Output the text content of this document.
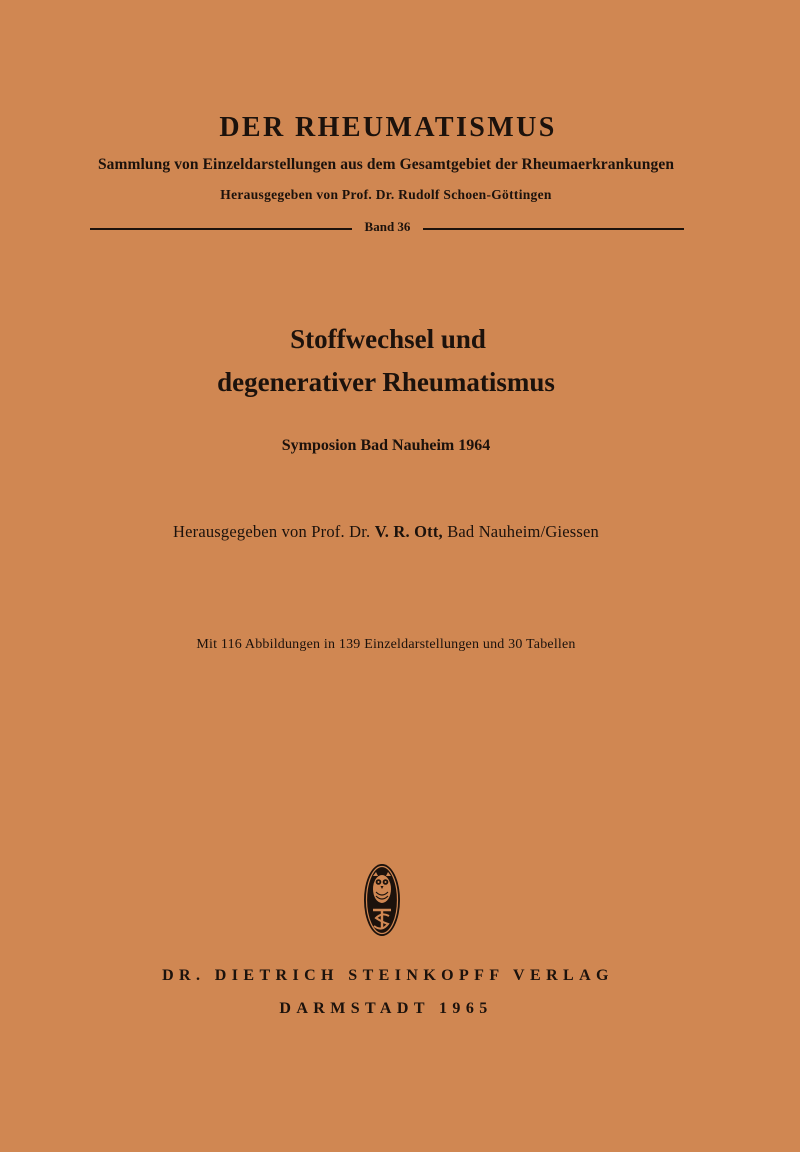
DER RHEUMATISMUS
Sammlung von Einzeldarstellungen aus dem Gesamtgebiet der Rheumaerkrankungen
Herausgegeben von Prof. Dr. Rudolf Schoen-Göttingen
Band 36
Stoffwechsel und
degenerativer Rheumatismus
Symposion Bad Nauheim 1964
Herausgegeben von Prof. Dr. V. R. Ott, Bad Nauheim/Giessen
Mit 116 Abbildungen in 139 Einzeldarstellungen und 30 Tabellen
DR. DIETRICH STEINKOPFF VERLAG
DARMSTADT 1965
